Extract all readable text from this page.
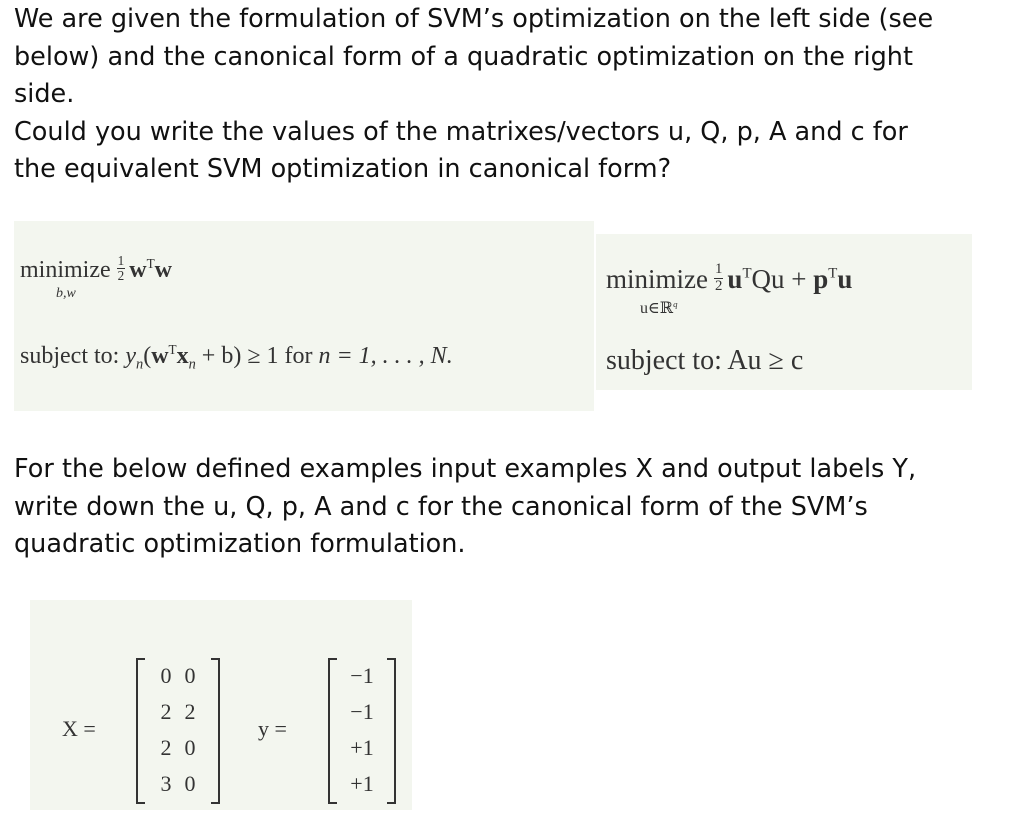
We are given the formulation of SVM’s optimization on the left side (see
below) and the canonical form of a quadratic optimization on the right
side.
Could you write the values of the matrixes/vectors u, Q, p, A and c for
the equivalent SVM optimization in canonical form?

minimize $\frac{1}{2} w^Tw$
b,w
subject to: $y_n(w^Tx_n + b) \ge 1$ for n = 1, . . . , N.
minimize $\frac{1}{2} u^TQu + p^Tu$
u∈ℝ$^q$
subject to: Au ≥ c

For the below defined examples input examples X and output labels Y,
write down the u, Q, p, A and c for the canonical form of the SVM’s
quadratic optimization formulation.

X =
0 0
2 2
2 0
3 0
y =
−1
−1
+1
+1
